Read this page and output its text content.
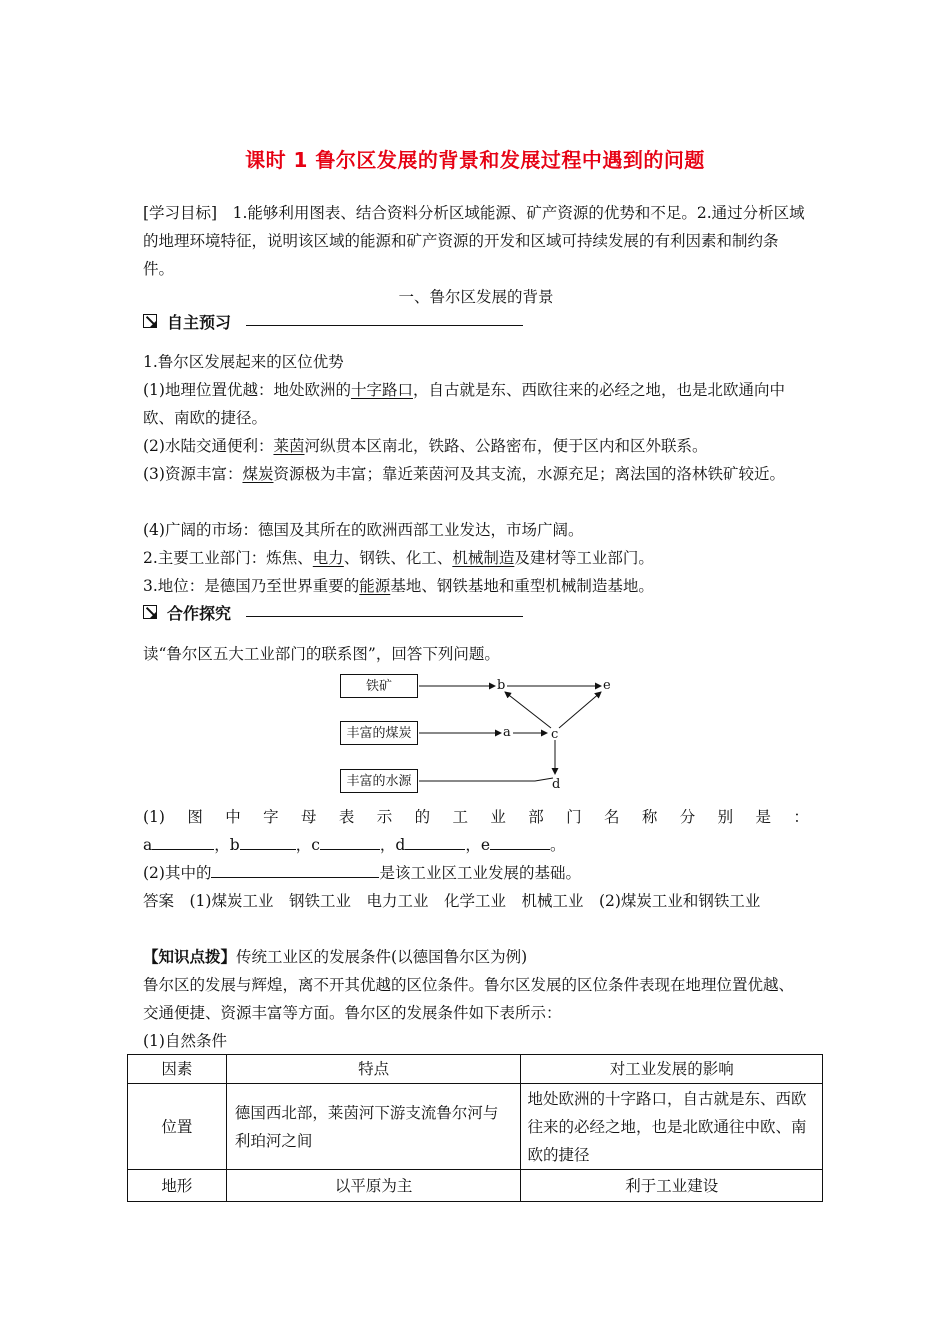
课时 1 鲁尔区发展的背景和发展过程中遇到的问题

[学习目标]　1.能够利用图表、结合资料分析区域能源、矿产资源的优势和不足。2.通过分析区域的地理环境特征，说明该区域的能源和矿产资源的开发和区域可持续发展的有利因素和制约条件。

一、鲁尔区发展的背景

自主预习

1.鲁尔区发展起来的区位优势

(1)地理位置优越：地处欧洲的十字路口，自古就是东、西欧往来的必经之地，也是北欧通向中欧、南欧的捷径。

(2)水陆交通便利：莱茵河纵贯本区南北，铁路、公路密布，便于区内和区外联系。

(3)资源丰富：煤炭资源极为丰富；靠近莱茵河及其支流，水源充足；离法国的洛林铁矿较近。

(4)广阔的市场：德国及其所在的欧洲西部工业发达，市场广阔。

2.主要工业部门：炼焦、电力、钢铁、化工、机械制造及建材等工业部门。

3.地位：是德国乃至世界重要的能源基地、钢铁基地和重型机械制造基地。

合作探究

读“鲁尔区五大工业部门的联系图”，回答下列问题。

铁矿
丰富的煤炭
丰富的水源
b	e
a	c
d

(1) 图 中 字 母 表 示 的 工 业 部 门 名 称 分 别 是 ：

a	，b	，c	，d	，e	。

(2)其中的	是该工业区工业发展的基础。

答案　(1)煤炭工业　钢铁工业　电力工业　化学工业　机械工业　(2)煤炭工业和钢铁工业

【知识点拨】传统工业区的发展条件(以德国鲁尔区为例)

鲁尔区的发展与辉煌，离不开其优越的区位条件。鲁尔区发展的区位条件表现在地理位置优越、交通便捷、资源丰富等方面。鲁尔区的发展条件如下表所示：

(1)自然条件

因素	特点	对工业发展的影响
位置	德国西北部，莱茵河下游支流鲁尔河与利珀河之间	地处欧洲的十字路口，自古就是东、西欧往来的必经之地，也是北欧通往中欧、南欧的捷径
地形	以平原为主	利于工业建设
